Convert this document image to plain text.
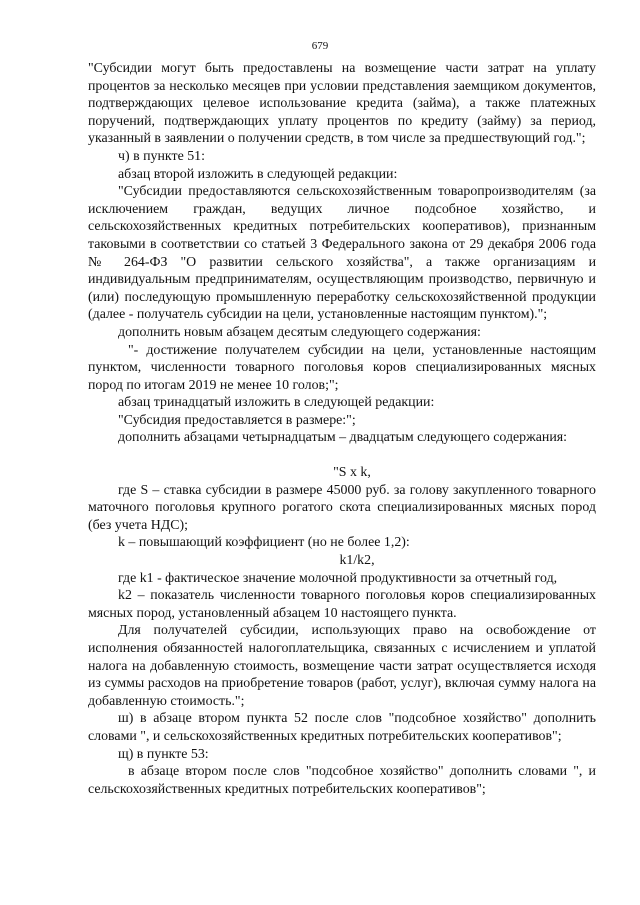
679

"Субсидии могут быть предоставлены на возмещение части затрат на уплату процентов за несколько месяцев при условии представления заемщиком документов, подтверждающих целевое использование кредита (займа), а также платежных поручений, подтверждающих уплату процентов по кредиту (займу) за период, указанный в заявлении о получении средств, в том числе за предшествующий год.";

ч) в пункте 51:

абзац второй изложить в следующей редакции:

"Субсидии предоставляются сельскохозяйственным товаропроизводителям (за исключением граждан, ведущих личное подсобное хозяйство, и сельскохозяйственных кредитных потребительских кооперативов), признанным таковыми в соответствии со статьей 3 Федерального закона от 29 декабря 2006 года № 264-ФЗ "О развитии сельского хозяйства", а также организациям и индивидуальным предпринимателям, осуществляющим производство, первичную и (или) последующую промышленную переработку сельскохозяйственной продукции (далее - получатель субсидии на цели, установленные настоящим пунктом).";

дополнить новым абзацем десятым следующего содержания:

"- достижение получателем субсидии на цели, установленные настоящим пунктом, численности товарного поголовья коров специализированных мясных пород по итогам 2019 не менее 10 голов;";

абзац тринадцатый изложить в следующей редакции:

"Субсидия предоставляется в размере:";

дополнить абзацами четырнадцатым – двадцатым следующего содержания:

"S x k,

где S – ставка субсидии в размере 45000 руб. за голову закупленного товарного маточного поголовья крупного рогатого скота специализированных мясных пород (без учета НДС);

k – повышающий коэффициент (но не более 1,2):

k1/k2,

где k1 - фактическое значение молочной продуктивности за отчетный год,

k2 – показатель численности товарного поголовья коров специализированных мясных пород, установленный абзацем 10 настоящего пункта.

Для получателей субсидии, использующих право на освобождение от исполнения обязанностей налогоплательщика, связанных с исчислением и уплатой налога на добавленную стоимость, возмещение части затрат осуществляется исходя из суммы расходов на приобретение товаров (работ, услуг), включая сумму налога на добавленную стоимость.";

ш) в абзаце втором пункта 52 после слов "подсобное хозяйство" дополнить словами ", и сельскохозяйственных кредитных потребительских кооперативов";

щ) в пункте 53:

в абзаце втором после слов "подсобное хозяйство" дополнить словами ", и сельскохозяйственных кредитных потребительских кооперативов";
